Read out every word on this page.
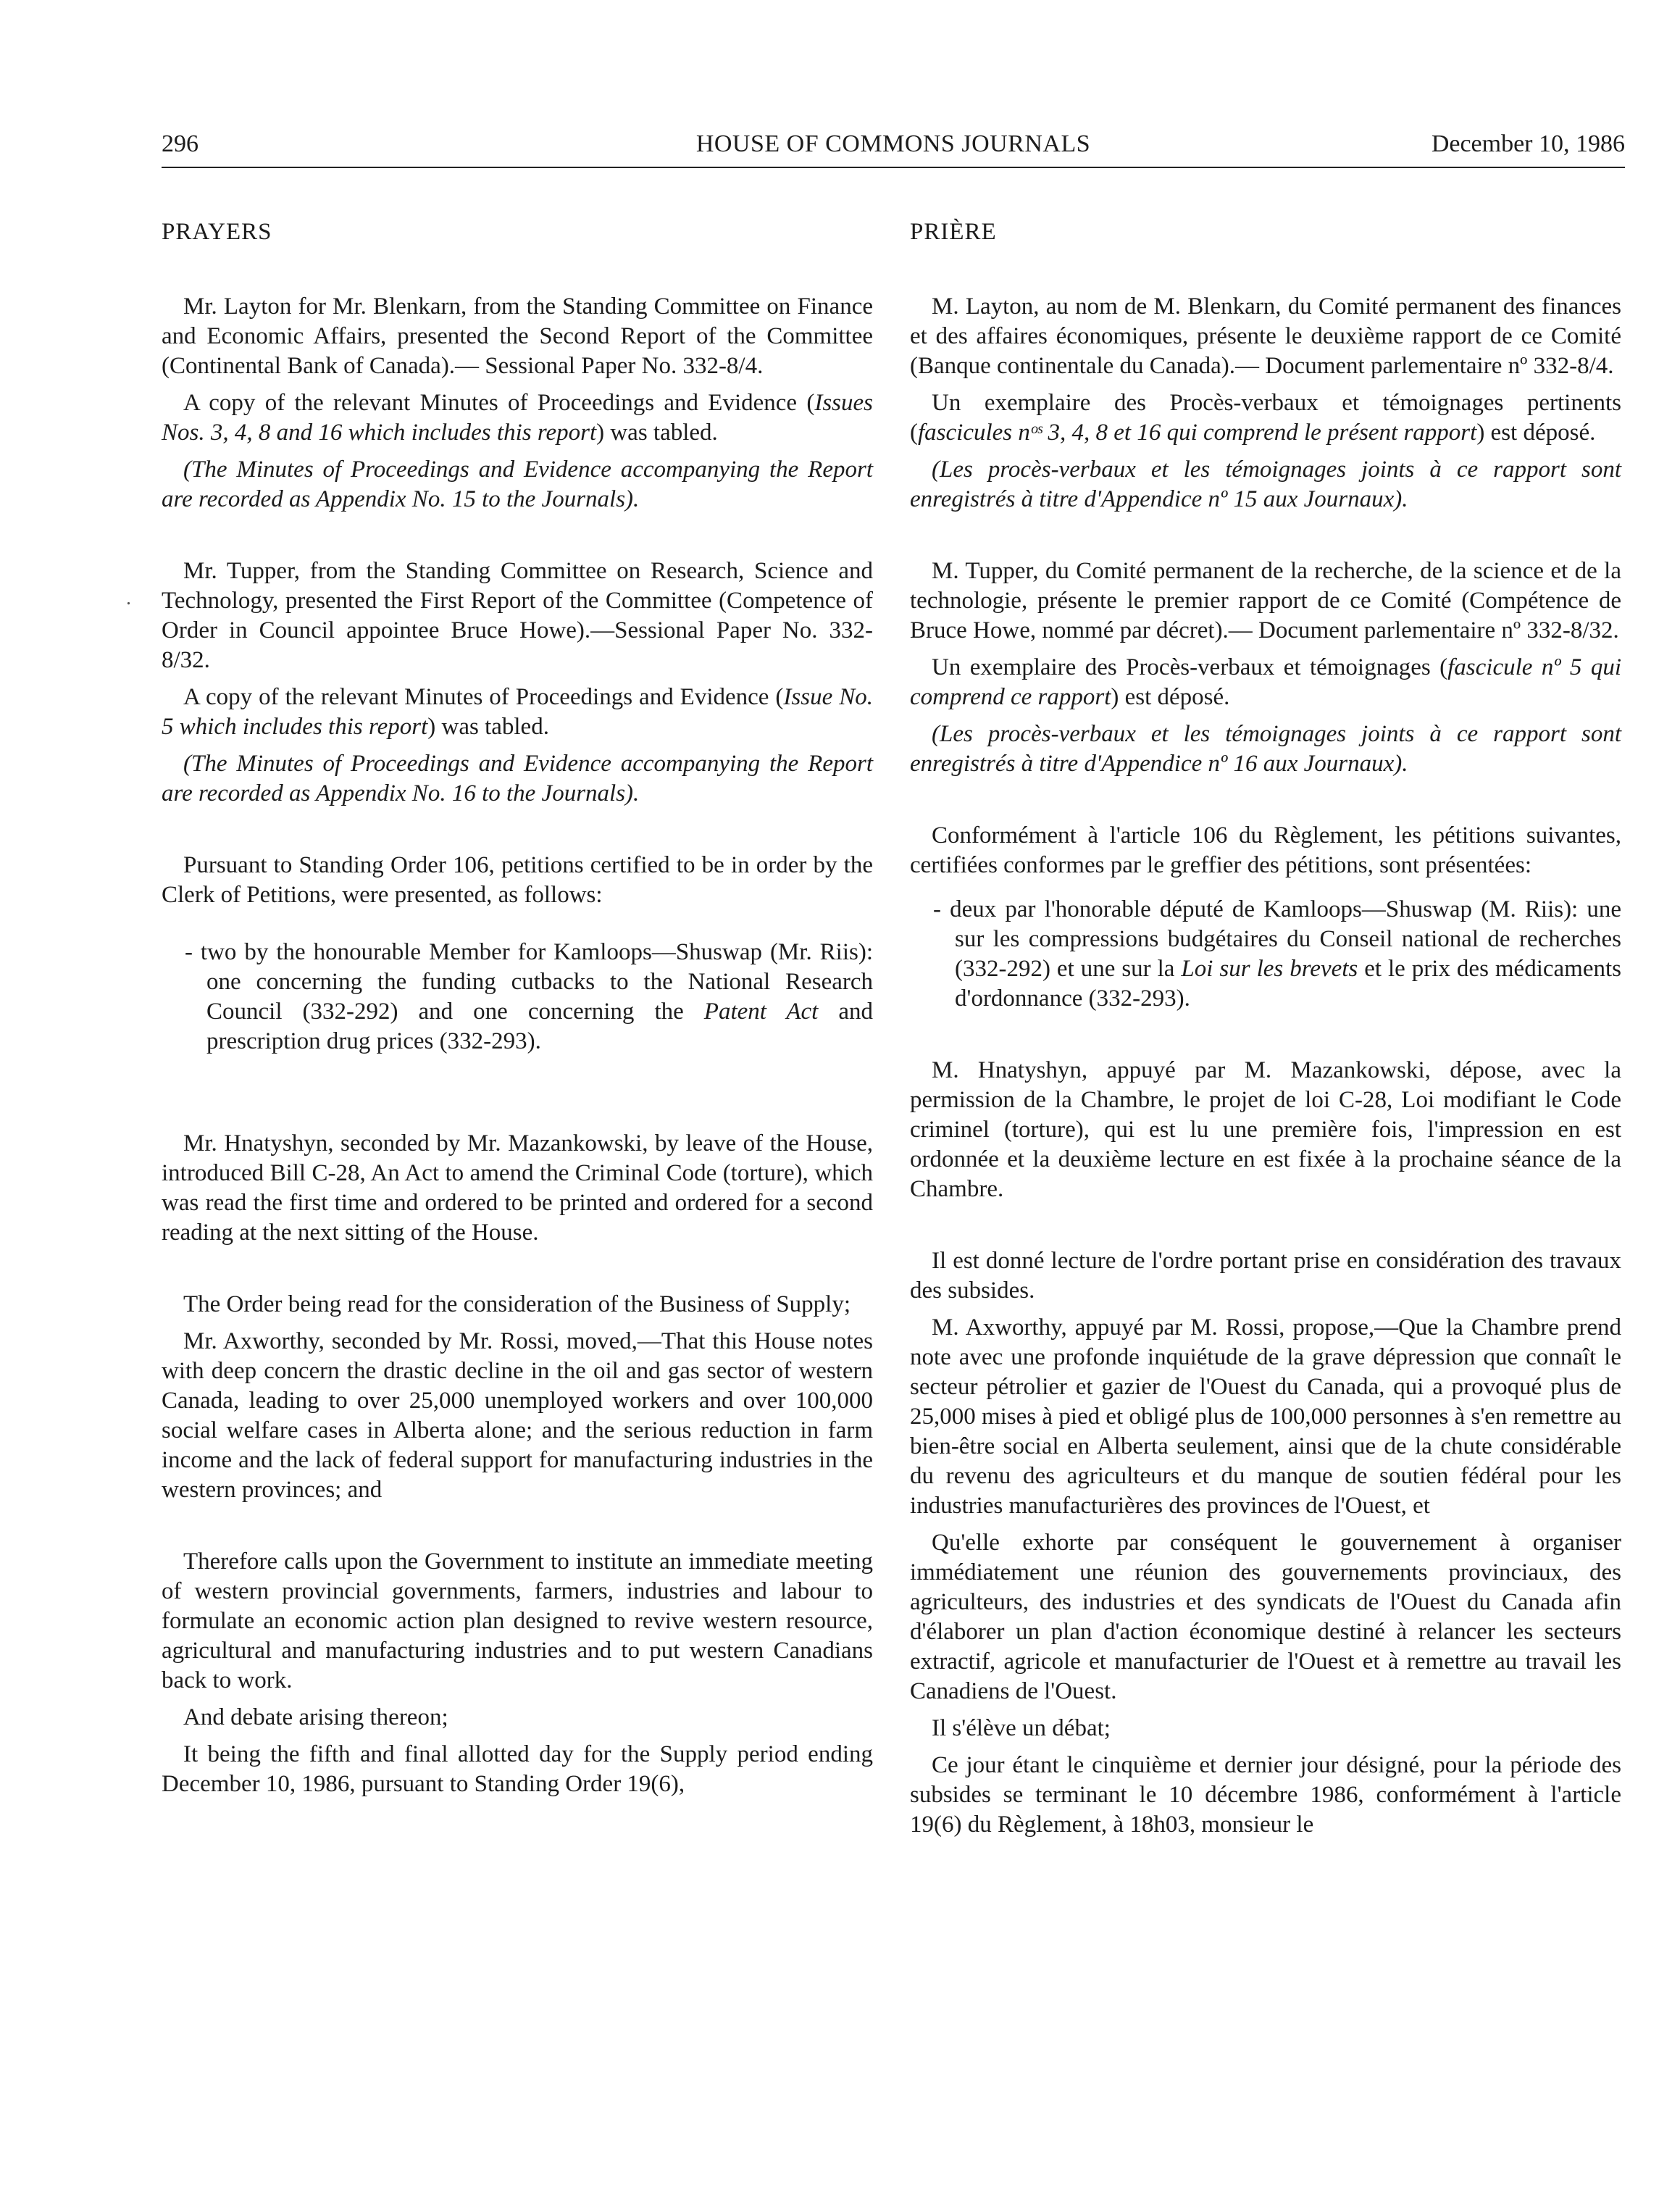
296	HOUSE OF COMMONS JOURNALS	December 10, 1986
.

PRAYERS

Mr. Layton for Mr. Blenkarn, from the Standing Committee on Finance and Economic Affairs, presented the Second Report of the Committee (Continental Bank of Canada).— Sessional Paper No. 332-8/4.

A copy of the relevant Minutes of Proceedings and Evidence (Issues Nos. 3, 4, 8 and 16 which includes this report) was tabled.

(The Minutes of Proceedings and Evidence accompanying the Report are recorded as Appendix No. 15 to the Journals).

Mr. Tupper, from the Standing Committee on Research, Science and Technology, presented the First Report of the Committee (Competence of Order in Council appointee Bruce Howe).—Sessional Paper No. 332-8/32.

A copy of the relevant Minutes of Proceedings and Evidence (Issue No. 5 which includes this report) was tabled.

(The Minutes of Proceedings and Evidence accompanying the Report are recorded as Appendix No. 16 to the Journals).

Pursuant to Standing Order 106, petitions certified to be in order by the Clerk of Petitions, were presented, as follows:

- two by the honourable Member for Kamloops—Shuswap (Mr. Riis): one concerning the funding cutbacks to the National Research Council (332-292) and one concerning the Patent Act and prescription drug prices (332-293).

Mr. Hnatyshyn, seconded by Mr. Mazankowski, by leave of the House, introduced Bill C-28, An Act to amend the Criminal Code (torture), which was read the first time and ordered to be printed and ordered for a second reading at the next sitting of the House.

The Order being read for the consideration of the Business of Supply;

Mr. Axworthy, seconded by Mr. Rossi, moved,—That this House notes with deep concern the drastic decline in the oil and gas sector of western Canada, leading to over 25,000 unemployed workers and over 100,000 social welfare cases in Alberta alone; and the serious reduction in farm income and the lack of federal support for manufacturing industries in the western provinces; and

Therefore calls upon the Government to institute an immediate meeting of western provincial governments, farmers, industries and labour to formulate an economic action plan designed to revive western resource, agricultural and manufacturing industries and to put western Canadians back to work.

And debate arising thereon;

It being the fifth and final allotted day for the Supply period ending December 10, 1986, pursuant to Standing Order 19(6),

PRIÈRE

M. Layton, au nom de M. Blenkarn, du Comité permanent des finances et des affaires économiques, présente le deuxième rapport de ce Comité (Banque continentale du Canada).— Document parlementaire nº 332-8/4.

Un exemplaire des Procès-verbaux et témoignages pertinents (fascicules nᵒˢ 3, 4, 8 et 16 qui comprend le présent rapport) est déposé.

(Les procès-verbaux et les témoignages joints à ce rapport sont enregistrés à titre d'Appendice nº 15 aux Journaux).

M. Tupper, du Comité permanent de la recherche, de la science et de la technologie, présente le premier rapport de ce Comité (Compétence de Bruce Howe, nommé par décret).— Document parlementaire nº 332-8/32.

Un exemplaire des Procès-verbaux et témoignages (fascicule nº 5 qui comprend ce rapport) est déposé.

(Les procès-verbaux et les témoignages joints à ce rapport sont enregistrés à titre d'Appendice nº 16 aux Journaux).

Conformément à l'article 106 du Règlement, les pétitions suivantes, certifiées conformes par le greffier des pétitions, sont présentées:

- deux par l'honorable député de Kamloops—Shuswap (M. Riis): une sur les compressions budgétaires du Conseil national de recherches (332-292) et une sur la Loi sur les brevets et le prix des médicaments d'ordonnance (332-293).

M. Hnatyshyn, appuyé par M. Mazankowski, dépose, avec la permission de la Chambre, le projet de loi C-28, Loi modifiant le Code criminel (torture), qui est lu une première fois, l'impression en est ordonnée et la deuxième lecture en est fixée à la prochaine séance de la Chambre.

Il est donné lecture de l'ordre portant prise en considération des travaux des subsides.

M. Axworthy, appuyé par M. Rossi, propose,—Que la Chambre prend note avec une profonde inquiétude de la grave dépression que connaît le secteur pétrolier et gazier de l'Ouest du Canada, qui a provoqué plus de 25,000 mises à pied et obligé plus de 100,000 personnes à s'en remettre au bien-être social en Alberta seulement, ainsi que de la chute considérable du revenu des agriculteurs et du manque de soutien fédéral pour les industries manufacturières des provinces de l'Ouest, et

Qu'elle exhorte par conséquent le gouvernement à organiser immédiatement une réunion des gouvernements provinciaux, des agriculteurs, des industries et des syndicats de l'Ouest du Canada afin d'élaborer un plan d'action économique destiné à relancer les secteurs extractif, agricole et manufacturier de l'Ouest et à remettre au travail les Canadiens de l'Ouest.

Il s'élève un débat;

Ce jour étant le cinquième et dernier jour désigné, pour la période des subsides se terminant le 10 décembre 1986, conformément à l'article 19(6) du Règlement, à 18h03, monsieur le
